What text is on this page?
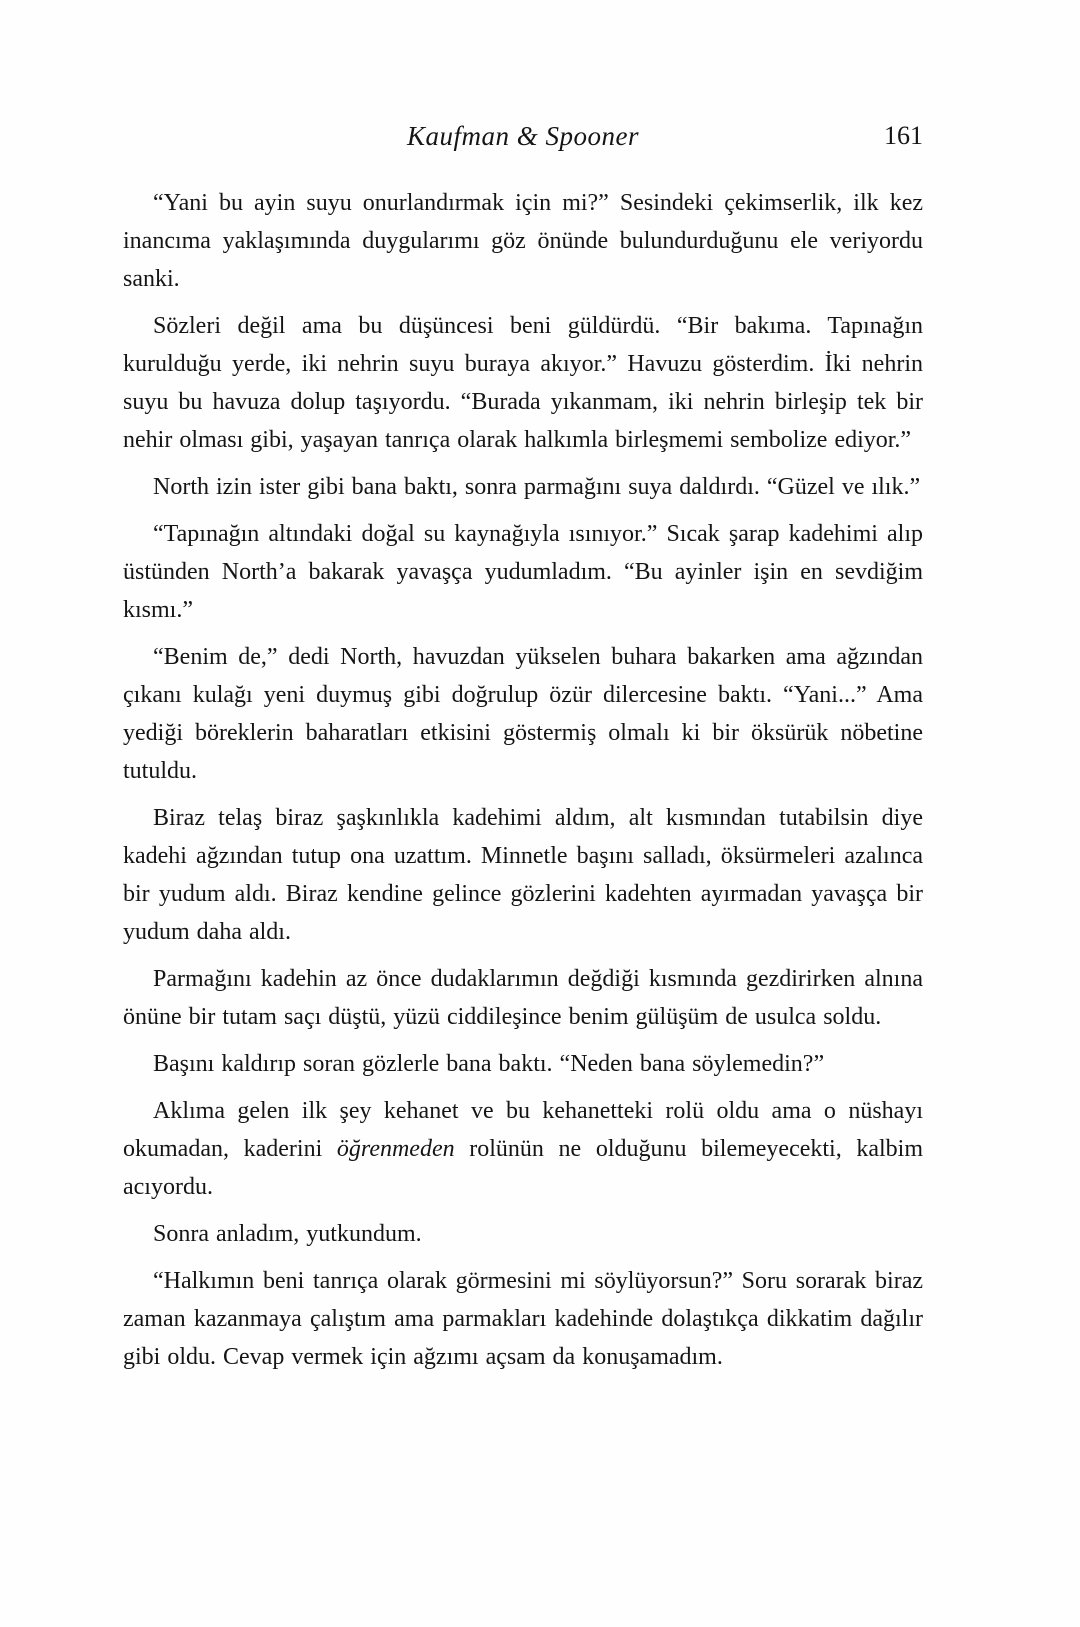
Kaufman & Spooner	161

“Yani bu ayin suyu onurlandırmak için mi?” Sesindeki çekimserlik, ilk kez inancıma yaklaşımında duygularımı göz önünde bulundurduğunu ele veriyordu sanki.

Sözleri değil ama bu düşüncesi beni güldürdü. “Bir bakıma. Tapınağın kurulduğu yerde, iki nehrin suyu buraya akıyor.” Havuzu gösterdim. İki nehrin suyu bu havuza dolup taşıyordu. “Burada yıkanmam, iki nehrin birleşip tek bir nehir olması gibi, yaşayan tanrıça olarak halkımla birleşmemi sembolize ediyor.”

North izin ister gibi bana baktı, sonra parmağını suya daldırdı. “Güzel ve ılık.”

“Tapınağın altındaki doğal su kaynağıyla ısınıyor.” Sıcak şarap kadehimi alıp üstünden North’a bakarak yavaşça yudumladım. “Bu ayinler işin en sevdiğim kısmı.”

“Benim de,” dedi North, havuzdan yükselen buhara bakarken ama ağzından çıkanı kulağı yeni duymuş gibi doğrulup özür dilercesine baktı. “Yani...” Ama yediği böreklerin baharatları etkisini göstermiş olmalı ki bir öksürük nöbetine tutuldu.

Biraz telaş biraz şaşkınlıkla kadehimi aldım, alt kısmından tutabilsin diye kadehi ağzından tutup ona uzattım. Minnetle başını salladı, öksürmeleri azalınca bir yudum aldı. Biraz kendine gelince gözlerini kadehten ayırmadan yavaşça bir yudum daha aldı.

Parmağını kadehin az önce dudaklarımın değdiği kısmında gezdirirken alnına önüne bir tutam saçı düştü, yüzü ciddileşince benim gülüşüm de usulca soldu.

Başını kaldırıp soran gözlerle bana baktı. “Neden bana söylemedin?”

Aklıma gelen ilk şey kehanet ve bu kehanetteki rolü oldu ama o nüshayı okumadan, kaderini öğrenmeden rolünün ne olduğunu bilemeyecekti, kalbim acıyordu.

Sonra anladım, yutkundum.

“Halkımın beni tanrıça olarak görmesini mi söylüyorsun?” Soru sorarak biraz zaman kazanmaya çalıştım ama parmakları kadehinde dolaştıkça dikkatim dağılır gibi oldu. Cevap vermek için ağzımı açsam da konuşamadım.
